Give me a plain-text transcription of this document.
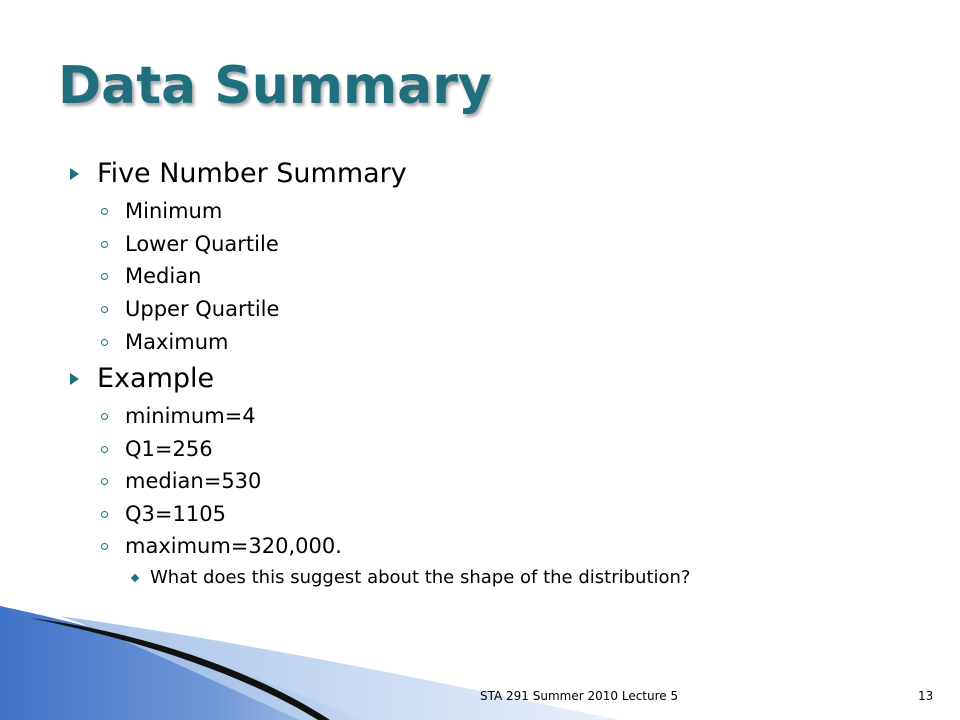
Data Summary
Five Number Summary
Minimum
Lower Quartile
Median
Upper Quartile
Maximum
Example
minimum=4
Q1=256
median=530
Q3=1105
maximum=320,000.
What does this suggest about the shape of the distribution?
STA 291 Summer 2010 Lecture 5	13
